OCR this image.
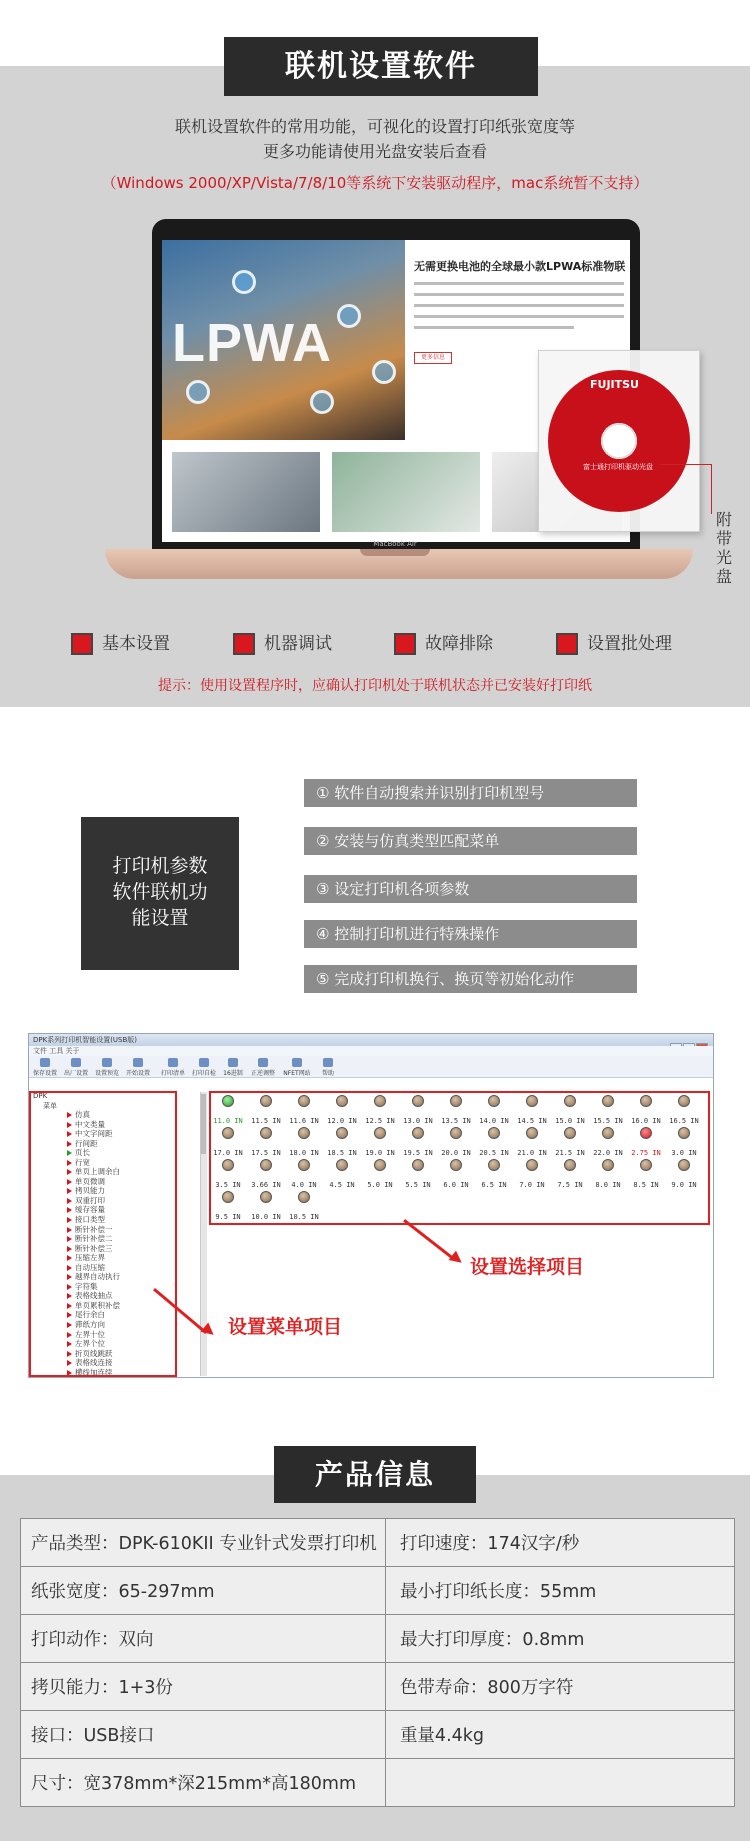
联机设置软件
联机设置软件的常用功能，可视化的设置打印纸张宽度等
更多功能请使用光盘安装后查看
（Windows 2000/XP/Vista/7/8/10等系统下安装驱动程序，mac系统暂不支持）
LPWA
无需更换电池的全球最小款LPWA标准物联
更多信息
MacBook Air
FUJITSU
富士通打印机驱动光盘
附带光盘
基本设置	机器调试	故障排除	设置批处理
提示：使用设置程序时，应确认打印机处于联机状态并已安装好打印纸
打印机参数
软件联机功
能设置
① 软件自动搜索并识别打印机型号
② 安装与仿真类型匹配菜单
③ 设定打印机各项参数
④ 控制打印机进行特殊操作
⑤ 完成打印机换行、换页等初始化动作
DPK系列打印机智能设置(USB版)
文件 工具 关于
保存设置	出厂设置	设置预览	开始设置	打印清单	打印自检	16进制	正逆调整	NFET网站	帮助
DPK
菜单
仿真
中文类量
中文字间距
行间距
页长
行宽
单页上调余白
单页微调
拷贝能力
双重打印
缓存容量
接口类型
断针补偿一
断针补偿二
断针补偿三
压缩左界
自动压缩
越界自动执行
字符集
表格线抽点
单页累积补偿
尾行余白
滞纸方向
左界十位
左界个位
折页线跳跃
表格线连接
横线加连续
11.0 IN 11.5 IN 11.6 IN 12.0 IN 12.5 IN 13.0 IN 13.5 IN 14.0 IN 14.5 IN 15.0 IN 15.5 IN 16.0 IN 16.5 IN
17.0 IN 17.5 IN 18.0 IN 18.5 IN 19.0 IN 19.5 IN 20.0 IN 20.5 IN 21.0 IN 21.5 IN 22.0 IN 2.75 IN	3.0 IN
3.5 IN	3.66 IN	4.0 IN	4.5 IN	5.0 IN	5.5 IN	6.0 IN	6.5 IN	7.0 IN	7.5 IN	8.0 IN	8.5 IN	9.0 IN
9.5 IN	10.0 IN 10.5 IN
设置选择项目
设置菜单项目
产品信息
产品类型：DPK-610KII 专业针式发票打印机	打印速度：174汉字/秒
纸张宽度：65-297mm	最小打印纸长度：55mm
打印动作：双向	最大打印厚度：0.8mm
拷贝能力：1+3份	色带寿命：800万字符
接口：USB接口	重量4.4kg
尺寸：宽378mm*深215mm*高180mm	
